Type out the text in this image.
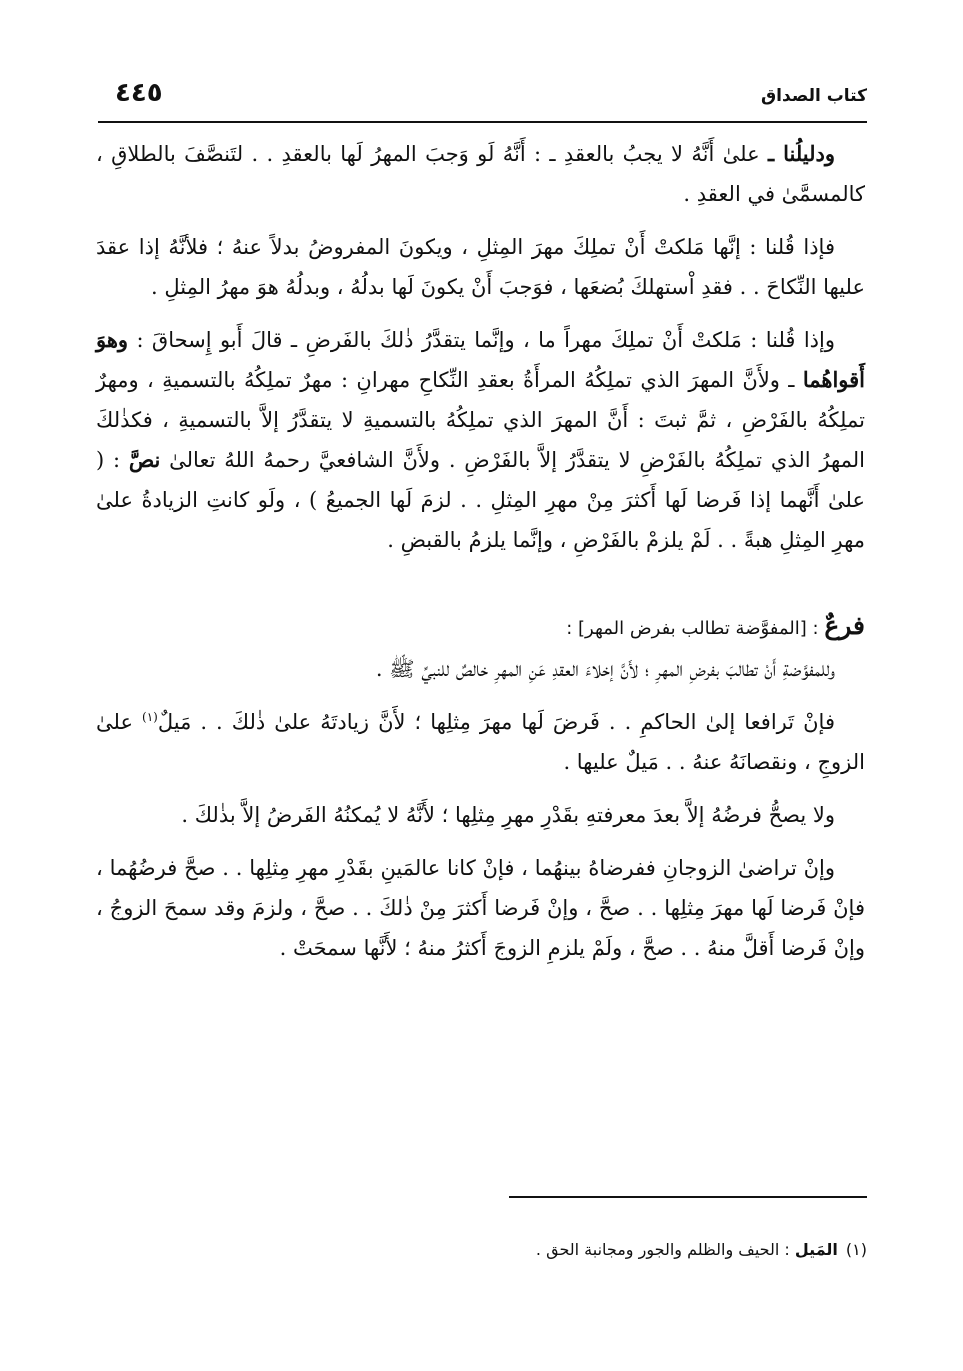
كتاب الصداق
٤٤٥

ودليلُنا ـ علىٰ أَنَّهُ لا يجبُ بالعقدِ ـ : أَنَّهُ لَو وَجبَ المهرُ لَها بالعقدِ . . لتَنصَّفَ بالطلاقِ ، كالمسمَّىٰ في العقدِ .

فإذا قُلنا : إنَّها مَلكتْ أَنْ تملِكَ مهرَ المِثلِ ، ويكونَ المفروضُ بدلاً عنهُ ؛ فلأنَّهُ إذا عقدَ عليها النِّكاحَ . . فقدِ اْستهلكَ بُضعَها ، فوَجبَ أَنْ يكونَ لَها بدلُهُ ، وبدلُهُ هوَ مهرُ المِثلِ .

وإذا قُلنا : مَلكتْ أَنْ تملِكَ مهراً ما ، وإنَّما يتقدَّرُ ذٰلكَ بالفَرضِ ـ قالَ أَبو إِسحاقَ : وهوَ أَقواهُما ـ ولأَنَّ المهرَ الذي تملِكُهُ المرأَةُ بعقدِ النِّكاحِ مهرانِ : مهرٌ تملِكُهُ بالتسميةِ ، ومهرٌ تملِكُهُ بالفَرْضِ ، ثمَّ ثبتَ : أَنَّ المهرَ الذي تملِكُهُ بالتسميةِ لا يتقدَّرُ إلاَّ بالتسميةِ ، فكذٰلكَ المهرُ الذي تملِكُهُ بالفَرْضِ لا يتقدَّرُ إلاَّ بالفَرْضِ . ولأَنَّ الشافعيَّ رحمهُ اللهُ تعالىٰ نصَّ : ( علىٰ أَنَّهما إذا فَرضا لَها أَكثرَ مِنْ مهرِ المِثلِ . . لزمَ لَها الجميعُ ) ، ولَو كانتِ الزيادةُ علىٰ مهرِ المِثلِ هبةً . . لَمْ يلزمْ بالفَرْضِ ، وإنَّما يلزمُ بالقبضِ .

فرعٌ : [المفوَّضة تطالب بفرض المهر] :

وللمفوَّضةِ أَنْ تطالبَ بفرضِ المهرِ ؛ لأَنَّ إخلاءَ العقدِ عَنِ المهرِ خالصٌ للنبيِّ ﷺ .

فإنْ تَرافعا إلىٰ الحاكمِ . . فَرضَ لَها مهرَ مِثلِها ؛ لأَنَّ زيادتَهُ علىٰ ذٰلكَ . . مَيلٌ$^{(١)}$ علىٰ الزوجِ ، ونقصانَهُ عنهُ . . مَيلٌ عليها .

ولا يصحُّ فرضُهُ إلاَّ بعدَ معرفتهِ بقَدْرِ مهرِ مِثلِها ؛ لأَنَّهُ لا يُمكنُهُ الفَرضُ إلاَّ بذٰلكَ .

وإنْ تراضىٰ الزوجانِ ففرضاهُ بينهُما ، فإنْ كانا عالمَينِ بقَدْرِ مهرِ مِثلِها . . صحَّ فرضُهُما ، فإنْ فَرضا لَها مهرَ مِثلِها . . صحَّ ، وإنْ فَرضا أَكثرَ مِنْ ذٰلكَ . . صحَّ ، ولزمَ وقد سمحَ الزوجُ ، وإنْ فَرضا أَقلَّ منهُ . . صحَّ ، ولَمْ يلزمِ الزوجَ أَكثرُ منهُ ؛ لأَنَّها سمحَتْ .

(١)المَيل : الحيف والظلم والجور ومجانبة الحق .
